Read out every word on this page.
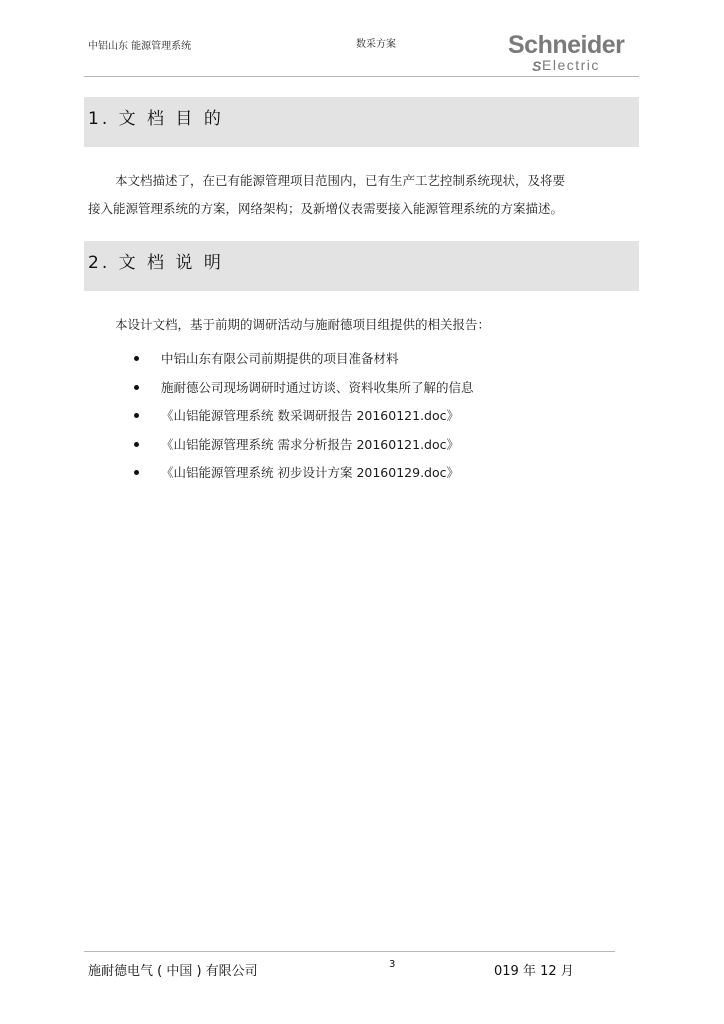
中铝山东 能源管理系统	数采方案	Schneider
S Electric
1. 文 档 目 的
本文档描述了，在已有能源管理项目范围内，已有生产工艺控制系统现状，及将要
接入能源管理系统的方案，网络架构；及新增仪表需要接入能源管理系统的方案描述。
2. 文 档 说 明
本设计文档，基于前期的调研活动与施耐德项目组提供的相关报告：
中铝山东有限公司前期提供的项目准备材料
施耐德公司现场调研时通过访谈、资料收集所了解的信息
《山铝能源管理系统 数采调研报告 20160121.doc》
《山铝能源管理系统 需求分析报告 20160121.doc》
《山铝能源管理系统 初步设计方案 20160129.doc》
施耐德电气 ( 中国 ) 有限公司	3	019 年 12 月
